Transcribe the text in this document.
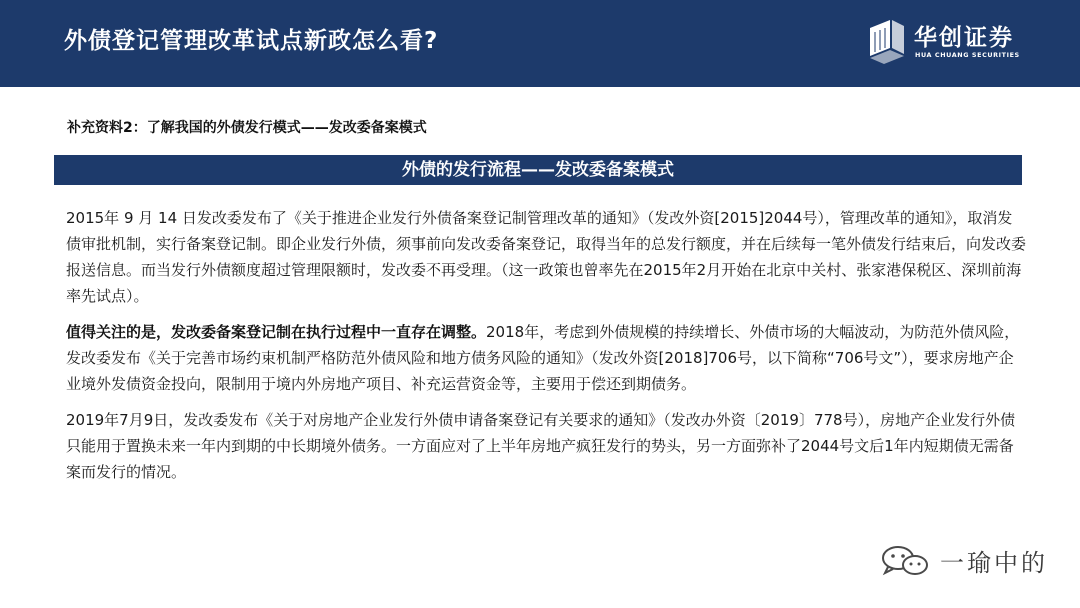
外债登记管理改革试点新政怎么看?	华创证券
HUA CHUANG SECURITIES
补充资料2：了解我国的外债发行模式——发改委备案模式
外债的发行流程——发改委备案模式

2015年 9 月 14 日发改委发布了《关于推进企业发行外债备案登记制管理改革的通知》（发改外资[2015]2044号），管理改革的通知》，取消发债审批机制，实行备案登记制。即企业发行外债，须事前向发改委备案登记，取得当年的总发行额度，并在后续每一笔外债发行结束后，向发改委报送信息。而当发行外债额度超过管理限额时，发改委不再受理。（这一政策也曾率先在2015年2月开始在北京中关村、张家港保税区、深圳前海率先试点）。

值得关注的是，发改委备案登记制在执行过程中一直存在调整。2018年，考虑到外债规模的持续增长、外债市场的大幅波动，为防范外债风险，发改委发布《关于完善市场约束机制严格防范外债风险和地方债务风险的通知》（发改外资[2018]706号，以下简称“706号文”），要求房地产企业境外发债资金投向，限制用于境内外房地产项目、补充运营资金等，主要用于偿还到期债务。

2019年7月9日，发改委发布《关于对房地产企业发行外债申请备案登记有关要求的通知》（发改办外资〔2019〕778号），房地产企业发行外债只能用于置换未来一年内到期的中长期境外债务。一方面应对了上半年房地产疯狂发行的势头，另一方面弥补了2044号文后1年内短期债无需备案而发行的情况。

一瑜中的
